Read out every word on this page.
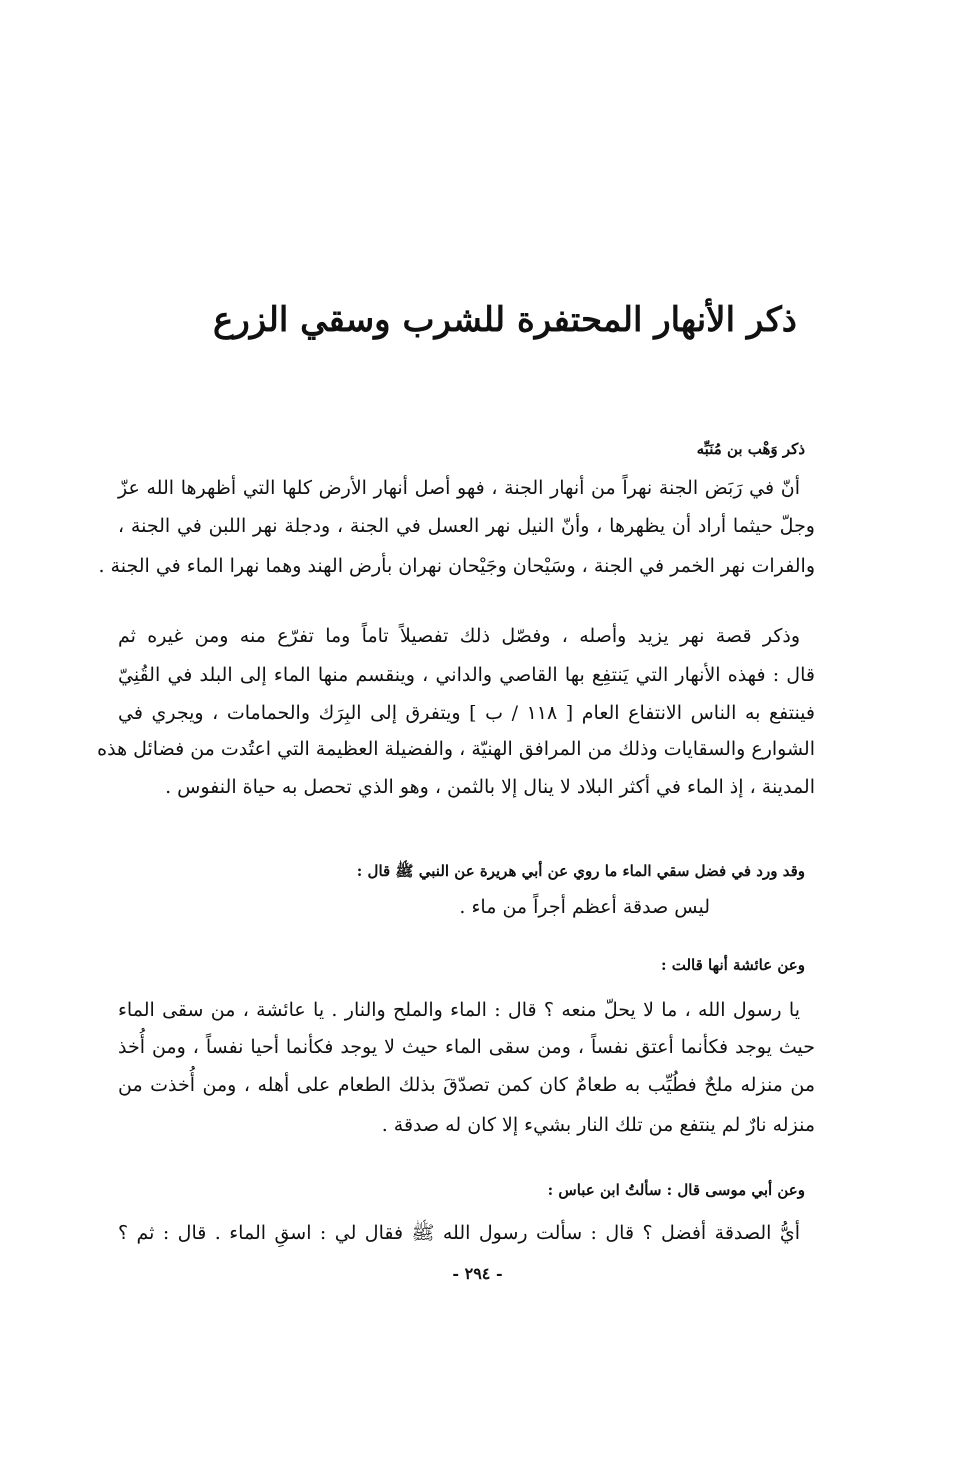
ذكر الأنهار المحتفرة للشرب وسقي الزرع
ذكر وَهْب بن مُنَبِّه
أنّ في رَبَض الجنة نهراً من أنهار الجنة ، فهو أصل أنهار الأرض كلها التي أظهرها الله عزّ
وجلّ حيثما أراد أن يظهرها ، وأنّ النيل نهر العسل في الجنة ، ودجلة نهر اللبن في الجنة ،
والفرات نهر الخمر في الجنة ، وسَيْحان وجَيْحان نهران بأرض الهند وهما نهرا الماء في الجنة .
وذكر قصة نهر يزيد وأصله ، وفصّل ذلك تفصيلاً تاماً وما تفرّع منه ومن غيره ثم
قال : فهذه الأنهار التي يَنتفِع بها القاصي والداني ، وينقسم منها الماء إلى البلد في القُنِيّ
فينتفع به الناس الانتفاع العام [ ١١٨ / ب ] ويتفرق إلى البِرَك والحمامات ، ويجري في
الشوارع والسقايات وذلك من المرافق الهنيّة ، والفضيلة العظيمة التي اعتُدت من فضائل هذه
المدينة ، إذ الماء في أكثر البلاد لا ينال إلا بالثمن ، وهو الذي تحصل به حياة النفوس .
وقد ورد في فضل سقي الماء ما روي عن أبي هريرة عن النبي ﷺ قال :
ليس صدقة أعظم أجراً من ماء .
وعن عائشة أنها قالت :
يا رسول الله ، ما لا يحلّ منعه ؟ قال : الماء والملح والنار . يا عائشة ، من سقى الماء
حيث يوجد فكأنما أعتق نفساً ، ومن سقى الماء حيث لا يوجد فكأنما أحيا نفساً ، ومن أُخذ
من منزله ملحٌ فطُيِّب به طعامٌ كان كمن تصدّقَ بذلك الطعام على أهله ، ومن أُخذت من
منزله نارٌ لم ينتفع من تلك النار بشيء إلا كان له صدقة .
وعن أبي موسى قال : سألتُ ابن عباس :
أيُّ الصدقة أفضل ؟ قال : سألت رسول الله ﷺ فقال لي : اسقِ الماء . قال : ثم ؟
- ٢٩٤ -
